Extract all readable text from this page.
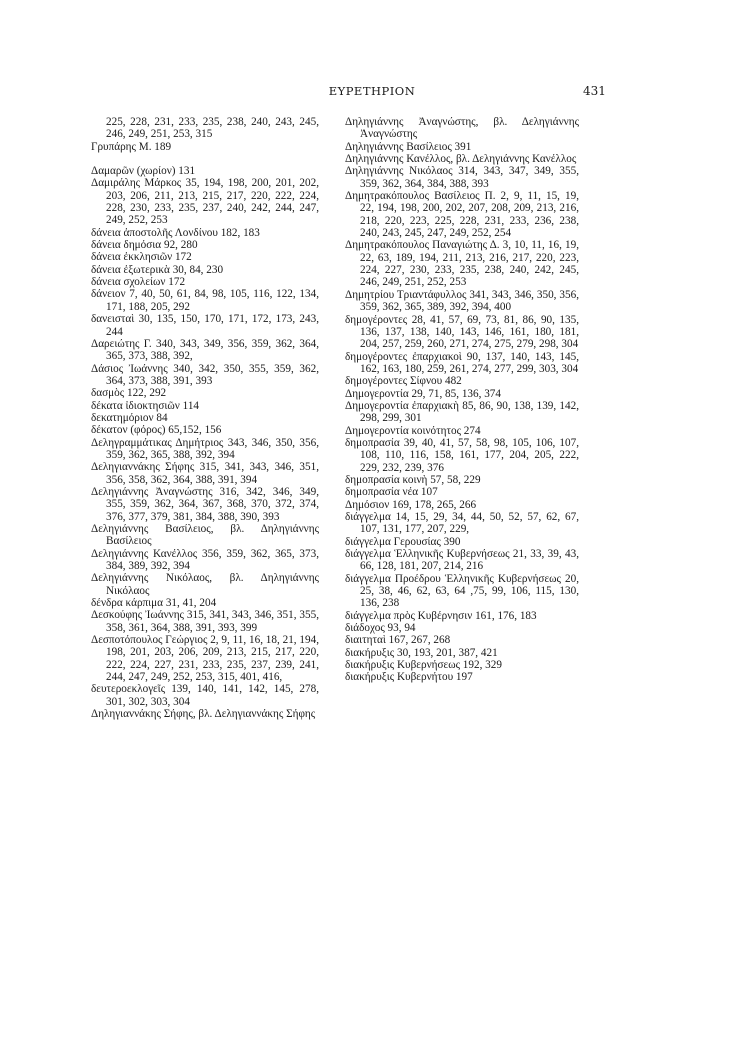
ΕΥΡΕΤΗΡΙΟΝ	431

225, 228, 231, 233, 235, 238, 240, 243, 245, 246, 249, 251, 253, 315

Γρυπάρης Μ. 189

Δαμαρῶν (χωρίον) 131

Δαμιράλης Μάρκος 35, 194, 198, 200, 201, 202, 203, 206, 211, 213, 215, 217, 220, 222, 224, 228, 230, 233, 235, 237, 240, 242, 244, 247, 249, 252, 253

δάνεια ἀποστολῆς Λονδίνου 182, 183

δάνεια δημόσια 92, 280

δάνεια ἐκκλησιῶν 172

δάνεια ἐξωτερικὰ 30, 84, 230

δάνεια σχολείων 172

δάνειον 7, 40, 50, 61, 84, 98, 105, 116, 122, 134, 171, 188, 205, 292

δανεισταὶ 30, 135, 150, 170, 171, 172, 173, 243, 244

Δαρειώτης Γ. 340, 343, 349, 356, 359, 362, 364, 365, 373, 388, 392,

Δάσιος Ἰωάννης 340, 342, 350, 355, 359, 362, 364, 373, 388, 391, 393

δασμὸς 122, 292

δέκατα ἰδιοκτησιῶν 114

δεκατημόριον 84

δέκατον (φόρος) 65,152, 156

Δεληγραμμάτικας Δημήτριος 343, 346, 350, 356, 359, 362, 365, 388, 392, 394

Δεληγιαννάκης Σήφης 315, 341, 343, 346, 351, 356, 358, 362, 364, 388, 391, 394

Δεληγιάννης Ἀναγνώστης 316, 342, 346, 349, 355, 359, 362, 364, 367, 368, 370, 372, 374, 376, 377, 379, 381, 384, 388, 390, 393

Δεληγιάννης Βασίλειος, βλ. Δηληγιάννης Βασίλειος

Δεληγιάννης Κανέλλος 356, 359, 362, 365, 373, 384, 389, 392, 394

Δεληγιάννης Νικόλαος, βλ. Δηληγιάννης Νικόλαος

δένδρα κάρπιμα 31, 41, 204

Δεσκούφης Ἰωάννης 315, 341, 343, 346, 351, 355, 358, 361, 364, 388, 391, 393, 399

Δεσποτόπουλος Γεώργιος 2, 9, 11, 16, 18, 21, 194, 198, 201, 203, 206, 209, 213, 215, 217, 220, 222, 224, 227, 231, 233, 235, 237, 239, 241, 244, 247, 249, 252, 253, 315, 401, 416,

δευτεροεκλογεῖς 139, 140, 141, 142, 145, 278, 301, 302, 303, 304

Δηληγιαννάκης Σήφης, βλ. Δεληγιαννάκης Σήφης

Δηληγιάννης Ἀναγνώστης, βλ. Δεληγιάννης Ἀναγνώστης

Δηληγιάννης Βασίλειος 391

Δηληγιάννης Κανέλλος, βλ. Δεληγιάννης Κανέλλος

Δηληγιάννης Νικόλαος 314, 343, 347, 349, 355, 359, 362, 364, 384, 388, 393

Δημητρακόπουλος Βασίλειος Π. 2, 9, 11, 15, 19, 22, 194, 198, 200, 202, 207, 208, 209, 213, 216, 218, 220, 223, 225, 228, 231, 233, 236, 238, 240, 243, 245, 247, 249, 252, 254

Δημητρακόπουλος Παναγιώτης Δ. 3, 10, 11, 16, 19, 22, 63, 189, 194, 211, 213, 216, 217, 220, 223, 224, 227, 230, 233, 235, 238, 240, 242, 245, 246, 249, 251, 252, 253

Δημητρίου Τριαντάφυλλος 341, 343, 346, 350, 356, 359, 362, 365, 389, 392, 394, 400

δημογέροντες 28, 41, 57, 69, 73, 81, 86, 90, 135, 136, 137, 138, 140, 143, 146, 161, 180, 181, 204, 257, 259, 260, 271, 274, 275, 279, 298, 304

δημογέροντες ἐπαρχιακοὶ 90, 137, 140, 143, 145, 162, 163, 180, 259, 261, 274, 277, 299, 303, 304

δημογέροντες Σίφνου 482

Δημογεροντία 29, 71, 85, 136, 374

Δημογεροντία ἐπαρχιακὴ 85, 86, 90, 138, 139, 142, 298, 299, 301

Δημογεροντία κοινότητος 274

δημοπρασία 39, 40, 41, 57, 58, 98, 105, 106, 107, 108, 110, 116, 158, 161, 177, 204, 205, 222, 229, 232, 239, 376

δημοπρασία κοινὴ 57, 58, 229

δημοπρασία νέα 107

Δημόσιον 169, 178, 265, 266

διάγγελμα 14, 15, 29, 34, 44, 50, 52, 57, 62, 67, 107, 131, 177, 207, 229,

διάγγελμα Γερουσίας 390

διάγγελμα Ἑλληνικῆς Κυβερνήσεως 21, 33, 39, 43, 66, 128, 181, 207, 214, 216

διάγγελμα Προέδρου Ἑλληνικῆς Κυβερνήσεως 20, 25, 38, 46, 62, 63, 64 ,75, 99, 106, 115, 130, 136, 238

διάγγελμα πρὸς Κυβέρνησιν 161, 176, 183

διάδοχος 93, 94

διαιτηταὶ 167, 267, 268

διακήρυξις 30, 193, 201, 387, 421

διακήρυξις Κυβερνήσεως 192, 329

διακήρυξις Κυβερνήτου 197
